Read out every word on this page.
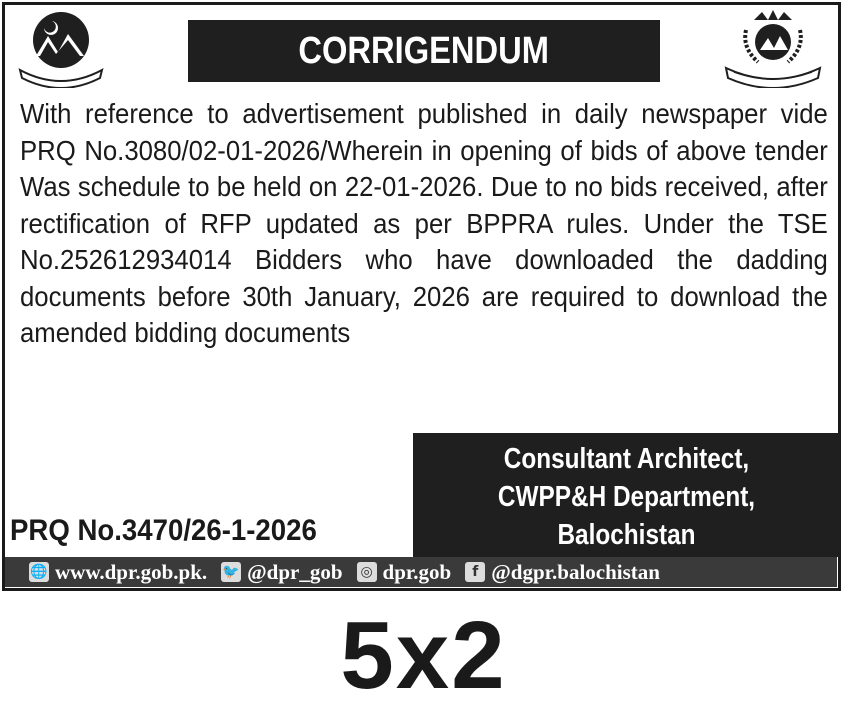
CORRIGENDUM
With reference to advertisement published in daily newspaper vide PRQ No.3080/02-01-2026/Wherein in opening of bids of above tender Was schedule to be held on 22-01-2026. Due to no bids received, after rectification of RFP updated as per BPPRA rules. Under the TSE No.252612934014 Bidders who have downloaded the dadding documents before 30th January, 2026 are required to download the amended bidding documents
Consultant Architect,
CWPP&H Department,
Balochistan
PRQ No.3470/26-1-2026
🌐 www.dpr.gob.pk. 🐦 @dpr_gob ◎ dpr.gob	f @dgpr.balochistan
5x2
